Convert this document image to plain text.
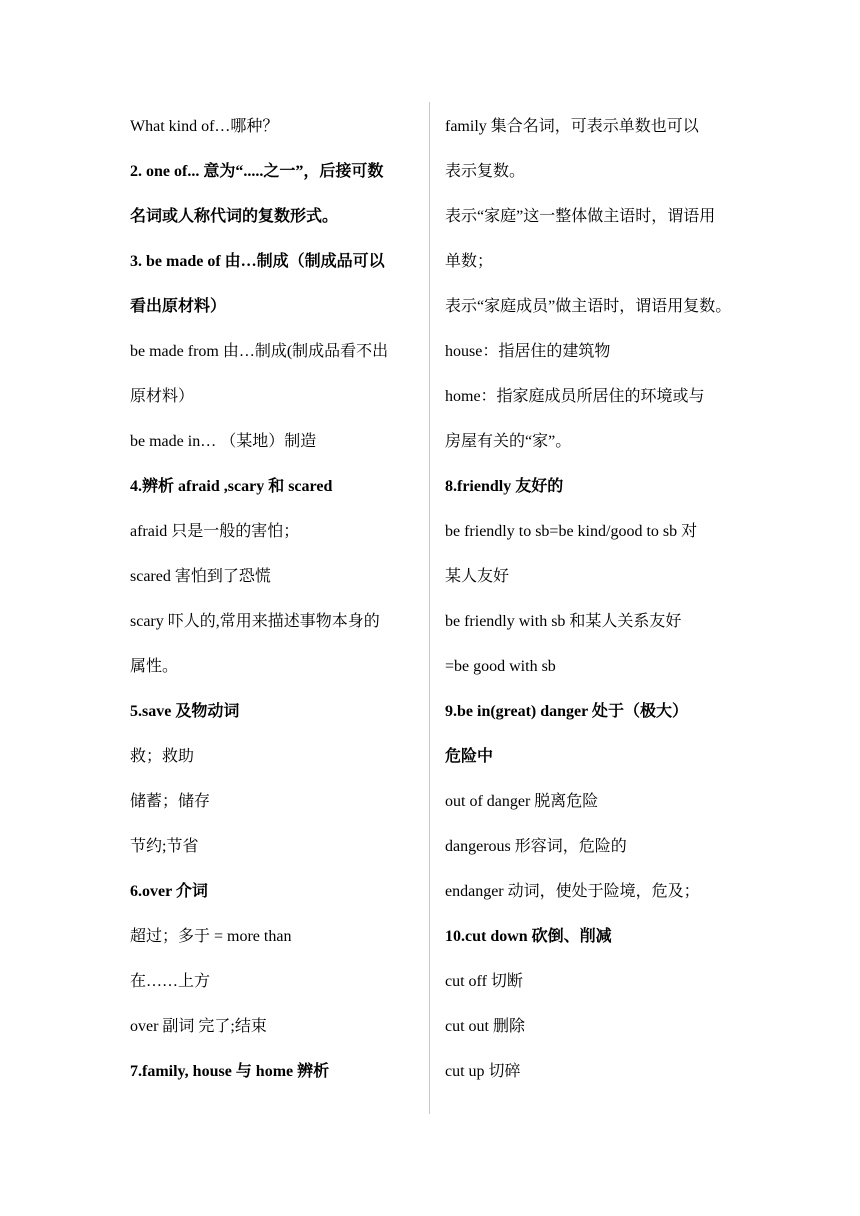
What kind of…哪种？
2. one of... 意为“.....之一”，后接可数
名词或人称代词的复数形式。
3. be made of 由…制成（制成品可以
看出原材料）
be made from 由…制成(制成品看不出
原材料）
be made in… （某地）制造
4.辨析 afraid ,scary 和 scared
afraid 只是一般的害怕；
scared 害怕到了恐慌
scary 吓人的,常用来描述事物本身的
属性。
5.save 及物动词
救；救助
储蓄；储存
节约;节省
6.over 介词
超过；多于 = more than
在……上方
over 副词 完了;结束
7.family, house 与 home 辨析
family 集合名词，可表示单数也可以
表示复数。
表示“家庭”这一整体做主语时，谓语用
单数；
表示“家庭成员”做主语时，谓语用复数。
house：指居住的建筑物
home：指家庭成员所居住的环境或与
房屋有关的“家”。
8.friendly 友好的
be friendly to sb=be kind/good to sb 对
某人友好
be friendly with sb 和某人关系友好
=be good with sb
9.be in(great) danger 处于（极大）
危险中
out of danger 脱离危险
dangerous 形容词，危险的
endanger 动词，使处于险境，危及；
10.cut down 砍倒、削减
cut off 切断
cut out 删除
cut up 切碎
